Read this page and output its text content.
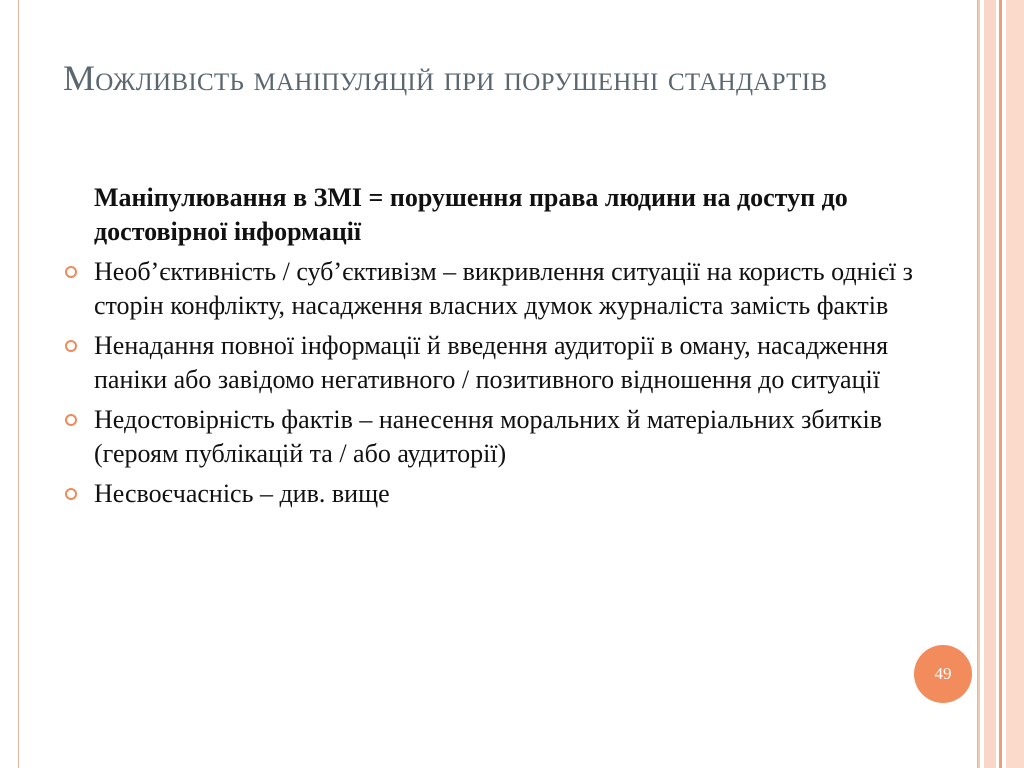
Можливість маніпуляцій при порушенні стандартів
Маніпулювання в ЗМІ = порушення права людини на доступ до достовірної інформації
Необ’єктивність / суб’єктивізм – викривлення ситуації на користь однієї з сторін конфлікту, насадження власних думок журналіста замість фактів
Ненадання повної інформації й введення аудиторії в оману, насадження паніки або завідомо негативного / позитивного відношення до ситуації
Недостовірність фактів – нанесення моральних й матеріальних збитків (героям публікацій та / або аудиторії)
Несвоєчаснісь – див. вище
49
